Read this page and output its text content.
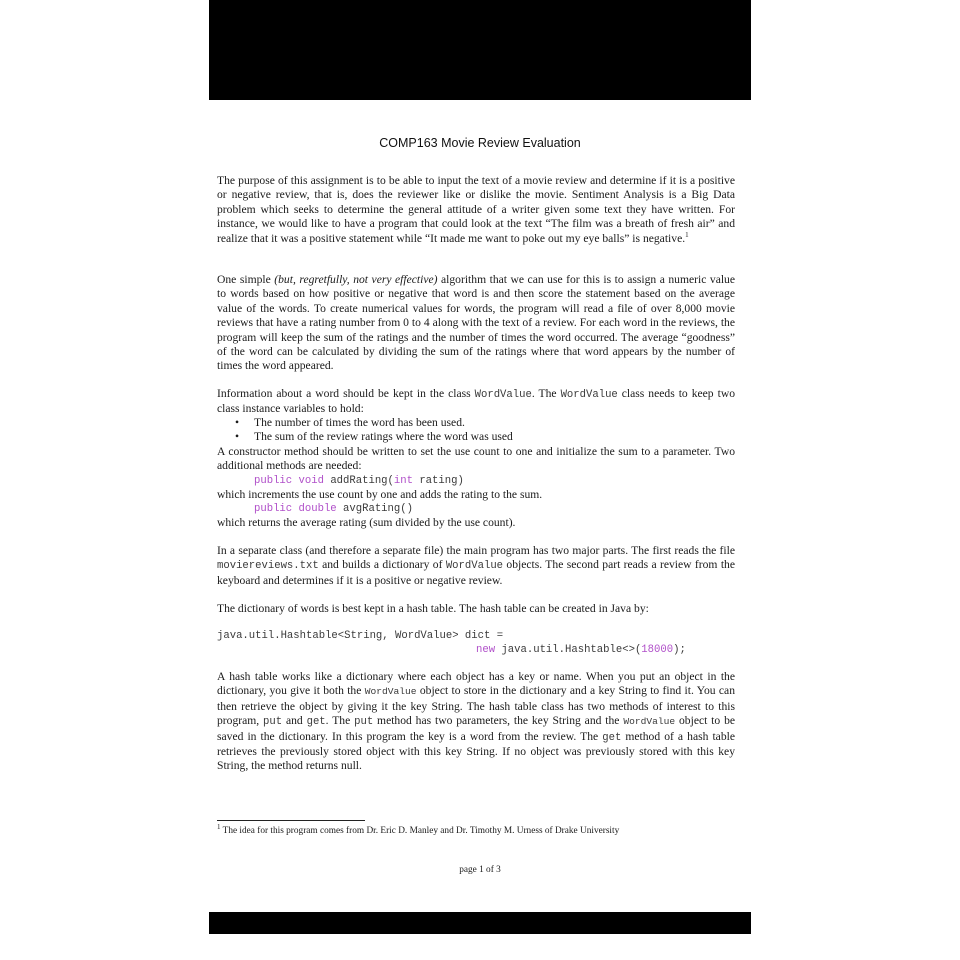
COMP163 Movie Review Evaluation

The purpose of this assignment is to be able to input the text of a movie review and determine if it is a positive or negative review, that is, does the reviewer like or dislike the movie. Sentiment Analysis is a Big Data problem which seeks to determine the general attitude of a writer given some text they have written. For instance, we would like to have a program that could look at the text “The film was a breath of fresh air” and realize that it was a positive statement while “It made me want to poke out my eye balls” is negative.$^1$

One simple (but, regretfully, not very effective) algorithm that we can use for this is to assign a numeric value to words based on how positive or negative that word is and then score the statement based on the average value of the words. To create numerical values for words, the program will read a file of over 8,000 movie reviews that have a rating number from 0 to 4 along with the text of a review. For each word in the reviews, the program will keep the sum of the ratings and the number of times the word occurred. The average “goodness” of the word can be calculated by dividing the sum of the ratings where that word appears by the number of times the word appeared.

Information about a word should be kept in the class WordValue. The WordValue class needs to keep two class instance variables to hold:

• The number of times the word has been used.
• The sum of the review ratings where the word was used

A constructor method should be written to set the use count to one and initialize the sum to a parameter. Two additional methods are needed:

public void addRating(int rating)

which increments the use count by one and adds the rating to the sum.

public double avgRating()

which returns the average rating (sum divided by the use count).

In a separate class (and therefore a separate file) the main program has two major parts. The first reads the file moviereviews.txt and builds a dictionary of WordValue objects. The second part reads a review from the keyboard and determines if it is a positive or negative review.

The dictionary of words is best kept in a hash table. The hash table can be created in Java by:

java.util.Hashtable<String, WordValue> dict =
new java.util.Hashtable<>(18000);

A hash table works like a dictionary where each object has a key or name. When you put an object in the dictionary, you give it both the WordValue object to store in the dictionary and a key String to find it. You can then retrieve the object by giving it the key String. The hash table class has two methods of interest to this program, put and get. The put method has two parameters, the key String and the WordValue object to be saved in the dictionary. In this program the key is a word from the review. The get method of a hash table retrieves the previously stored object with this key String. If no object was previously stored with this key String, the method returns null.

$^1$ The idea for this program comes from Dr. Eric D. Manley and Dr. Timothy M. Urness of Drake University
page 1 of 3
